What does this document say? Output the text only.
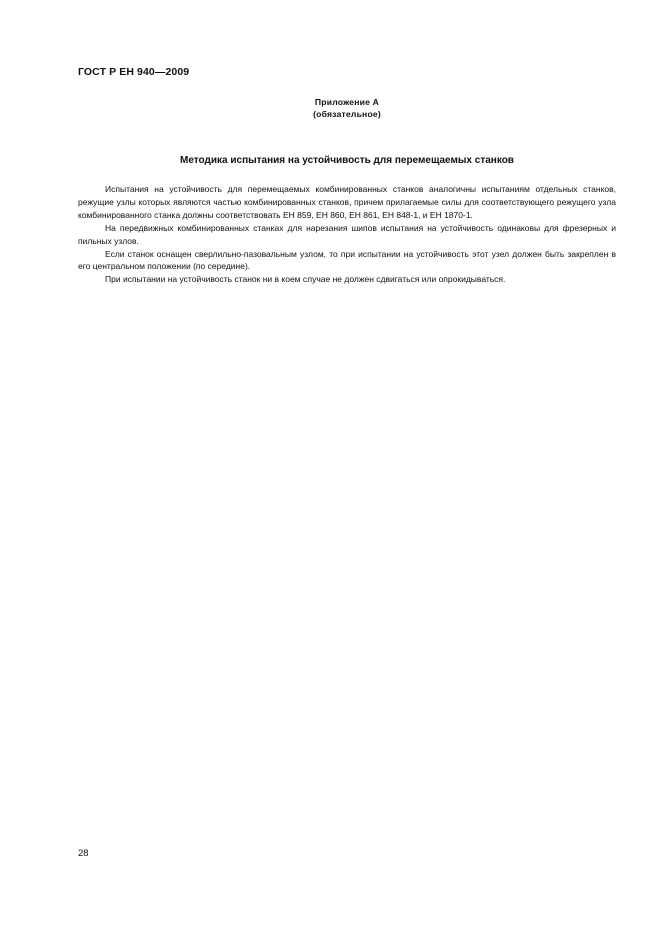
ГОСТ Р ЕН 940—2009
Приложение А
(обязательное)
Методика испытания на устойчивость для перемещаемых станков

Испытания на устойчивость для перемещаемых комбинированных станков аналогичны испытаниям отдельных станков, режущие узлы которых являются частью комбинированных станков, причем прилагаемые силы для соответствующего режущего узла комбинированного станка должны соответствовать ЕН 859, ЕН 860, ЕН 861, ЕН 848-1, и ЕН 1870-1.

На передвижных комбинированных станках для нарезания шипов испытания на устойчивость одинаковы для фрезерных и пильных узлов.

Если станок оснащен сверлильно-пазовальным узлом, то при испытании на устойчивость этот узел должен быть закреплен в его центральном положении (по середине).

При испытании на устойчивость станок ни в коем случае не должен сдвигаться или опрокидываться.

28
